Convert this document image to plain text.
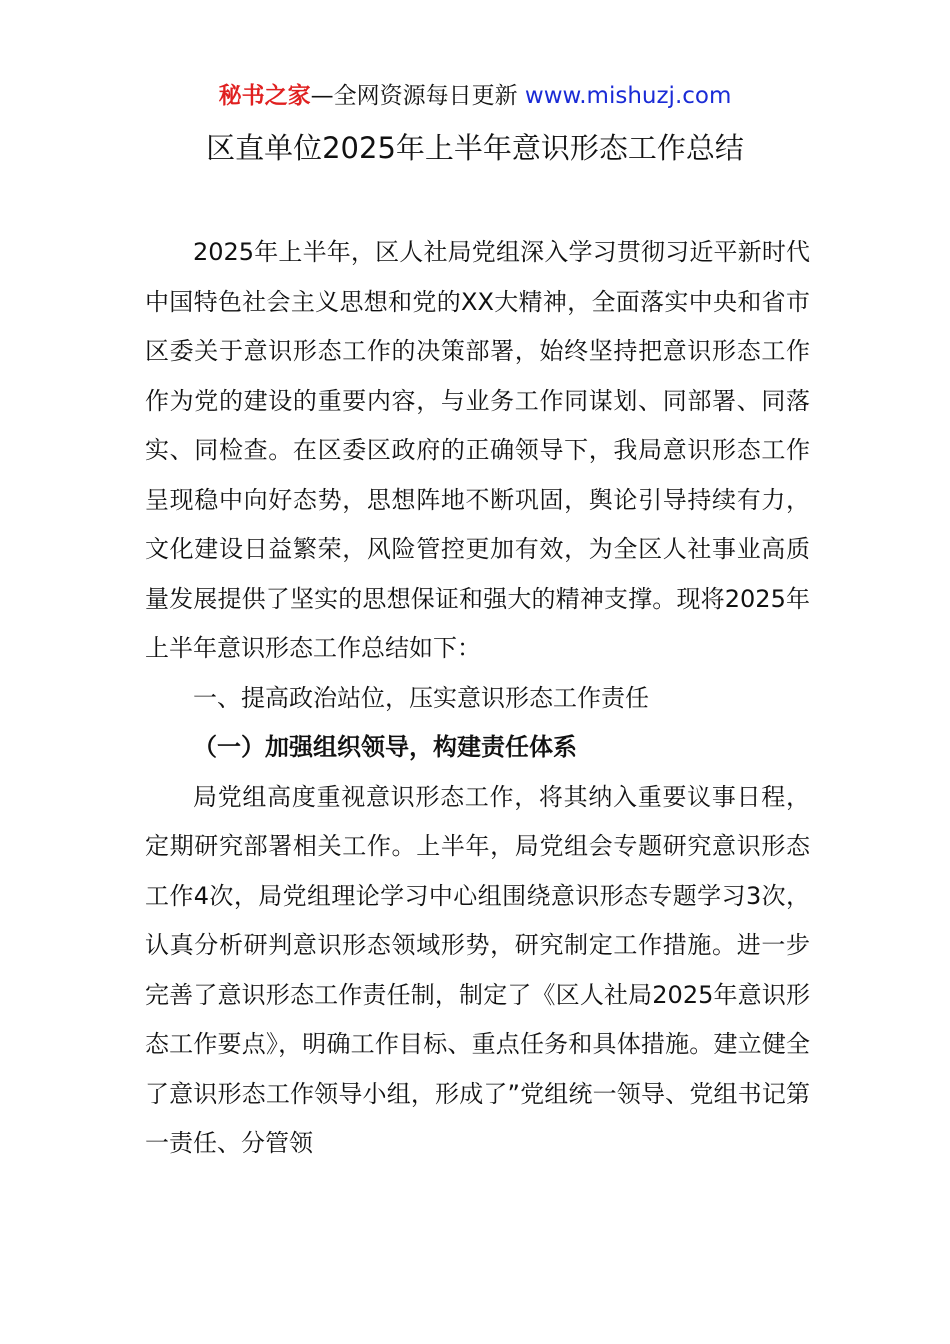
秘书之家—全网资源每日更新 www.mishuzj.com
区直单位2025年上半年意识形态工作总结

2025年上半年，区人社局党组深入学习贯彻习近平新时代中国特色社会主义思想和党的XX大精神，全面落实中央和省市区委关于意识形态工作的决策部署，始终坚持把意识形态工作作为党的建设的重要内容，与业务工作同谋划、同部署、同落实、同检查。在区委区政府的正确领导下，我局意识形态工作呈现稳中向好态势，思想阵地不断巩固，舆论引导持续有力，文化建设日益繁荣，风险管控更加有效，为全区人社事业高质量发展提供了坚实的思想保证和强大的精神支撑。现将2025年上半年意识形态工作总结如下：

一、提高政治站位，压实意识形态工作责任

（一）加强组织领导，构建责任体系

局党组高度重视意识形态工作，将其纳入重要议事日程，定期研究部署相关工作。上半年，局党组会专题研究意识形态工作4次，局党组理论学习中心组围绕意识形态专题学习3次，认真分析研判意识形态领域形势，研究制定工作措施。进一步完善了意识形态工作责任制，制定了《区人社局2025年意识形态工作要点》，明确工作目标、重点任务和具体措施。建立健全了意识形态工作领导小组，形成了”党组统一领导、党组书记第一责任、分管领
